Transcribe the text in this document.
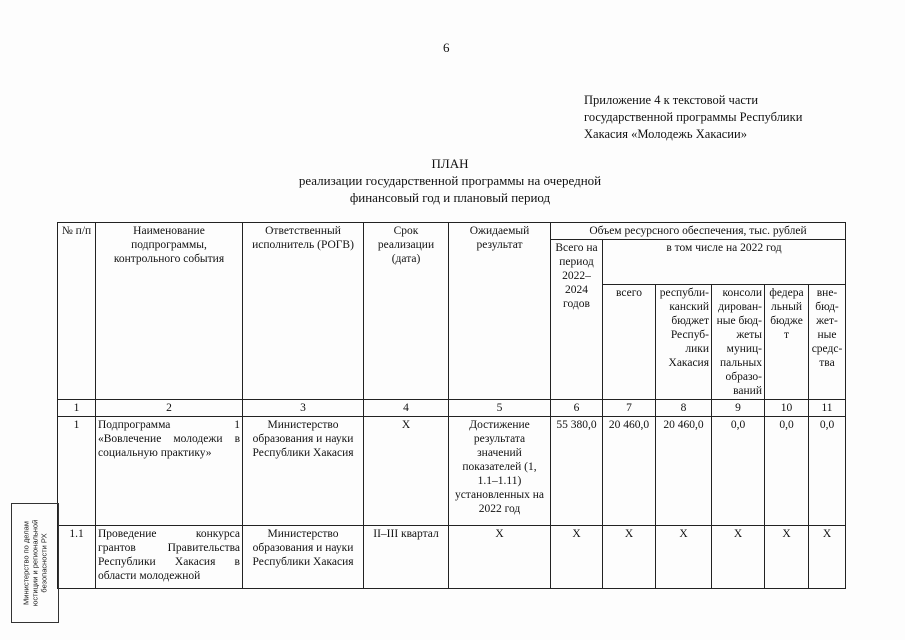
6
Приложение 4 к текстовой части
государственной программы Республики
Хакасия «Молодежь Хакасии»
ПЛАН
реализации государственной программы на очередной
финансовый год и плановый период
№ п/п	Наименование подпрограммы, контрольного события	Ответственный исполнитель (РОГВ)	Срок реализации (дата)	Ожидаемый результат	Объем ресурсного обеспечения, тыс. рублей					
					Всего на период 2022–2024 годов	в том числе на 2022 год				
						всего	республи-канский бюджет Респуб-лики Хакасия	консоли дирован-ные бюд-жеты муниц-пальных образо-ваний	федера льный бюдже т	вне-бюд-жет-ные средс-тва
1	2	3	4	5	6	7	8	9	10	11
1	Подпрограмма 1 «Вовлечение молодежи в социальную практику»	Министерство образования и науки Республики Хакасия	Х	Достижение результата значений показателей (1, 1.1–1.11) установленных на 2022 год	55 380,0	20 460,0	20 460,0	0,0	0,0	0,0
1.1	Проведение конкурса грантов Правительства Республики Хакасия в области молодежной	Министерство образования и науки Республики Хакасия	II–III квартал	Х	Х	Х	Х	Х	Х	Х
Министерство по делам юстиции и региональной безопасности РХ
